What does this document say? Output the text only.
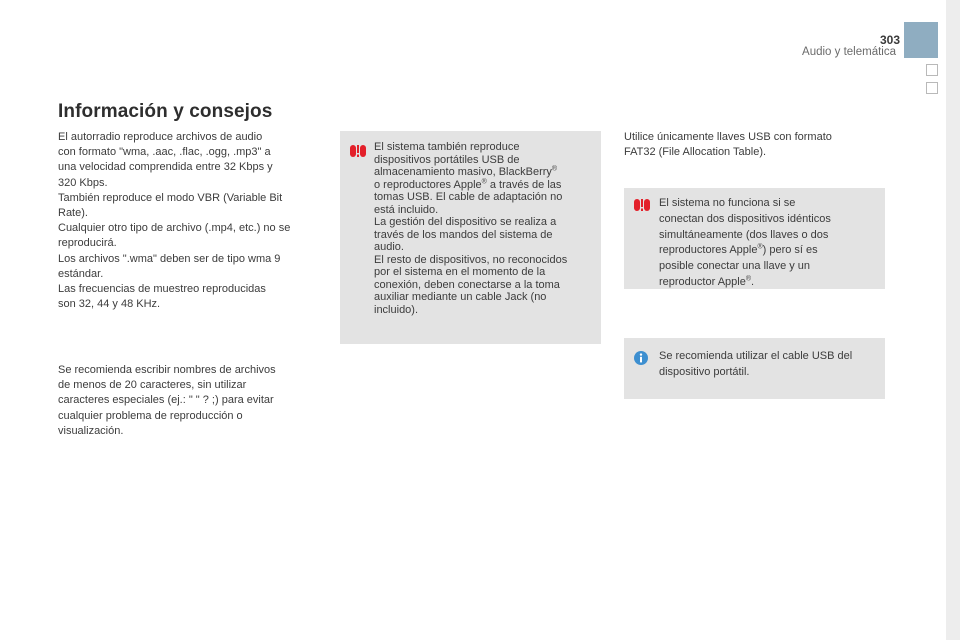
303
Audio y telemática
Información y consejos

El autorradio reproduce archivos de audio
con formato "wma, .aac, .flac, .ogg, .mp3" a
una velocidad comprendida entre 32 Kbps y
320 Kbps.
También reproduce el modo VBR (Variable Bit
Rate).
Cualquier otro tipo de archivo (.mp4, etc.) no se
reproducirá.
Los archivos ".wma" deben ser de tipo wma 9
estándar.
Las frecuencias de muestreo reproducidas
son 32, 44 y 48 KHz.

Se recomienda escribir nombres de archivos
de menos de 20 caracteres, sin utilizar
caracteres especiales (ej.: " " ? ;) para evitar
cualquier problema de reproducción o
visualización.

El sistema también reproduce
dispositivos portátiles USB de
almacenamiento masivo, BlackBerry®
o reproductores Apple® a través de las
tomas USB. El cable de adaptación no
está incluido.
La gestión del dispositivo se realiza a
través de los mandos del sistema de
audio.
El resto de dispositivos, no reconocidos
por el sistema en el momento de la
conexión, deben conectarse a la toma
auxiliar mediante un cable Jack (no
incluido).

Utilice únicamente llaves USB con formato
FAT32 (File Allocation Table).

El sistema no funciona si se
conectan dos dispositivos idénticos
simultáneamente (dos llaves o dos
reproductores Apple®) pero sí es
posible conectar una llave y un
reproductor Apple®.

Se recomienda utilizar el cable USB del
dispositivo portátil.
